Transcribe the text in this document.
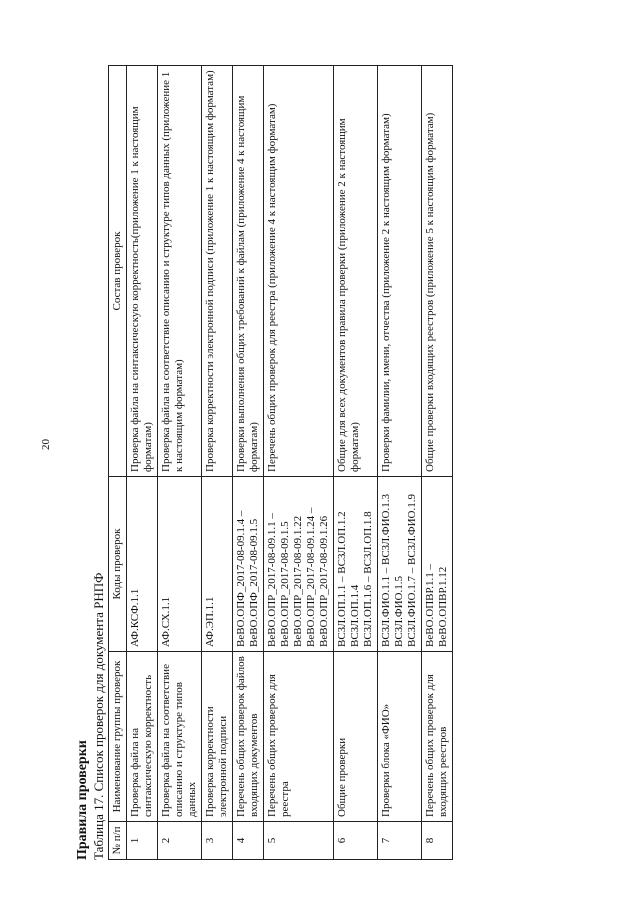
20
Правила проверки Таблица 17. Список проверок для документа РНПФ № п/п	Наименование группы проверок	Коды проверок	Состав проверок
1	Проверка файла на синтаксическую корректность	АФ.КСФ.1.1	Проверка файла на синтаксическую корректность(приложение 1 к настоящим форматам)
2	Проверка файла на соответствие описанию и структуре типов данных	АФ.СХ.1.1	Проверка файла на соответствие описанию и структуре типов данных (приложение 1 к настоящим форматам)
3	Проверка корректности электронной подписи	АФ.ЭП.1.1	Проверка корректности электронной подписи (приложение 1 к настоящим форматам)
4	Перечень общих проверок файлов входящих документов	ВеВО.ОПФ_2017-08-09.1.4 – ВеВО.ОПФ_2017-08-09.1.5	Проверки выполнения общих требований к файлам (приложение 4 к настоящим форматам)
5	Перечень общих проверок для реестра	ВеВО.ОПР_2017-08-09.1.1 – ВеВО.ОПР_2017-08-09.1.5 ВеВО.ОПР_2017-08-09.1.22 ВеВО.ОПР_2017-08-09.1.24 – ВеВО.ОПР_2017-08-09.1.26	Перечень общих проверок для реестра (приложение 4 к настоящим форматам)
6	Общие проверки	ВСЗЛ.ОП.1.1 – ВСЗЛ.ОП.1.2 ВСЗЛ.ОП.1.4 ВСЗЛ.ОП.1.6 – ВСЗЛ.ОП.1.8	Общие для всех документов правила проверки (приложение 2 к настоящим форматам)
7	Проверки блока «ФИО»	ВСЗЛ.ФИО.1.1 – ВСЗЛ.ФИО.1.3 ВСЗЛ.ФИО.1.5 ВСЗЛ.ФИО.1.7 – ВСЗЛ.ФИО.1.9	Проверки фамилии, имени, отчества (приложение 2 к настоящим форматам)
8	Перечень общих проверок для входящих реестров	ВеВО.ОПВР.1.1 – ВеВО.ОПВР.1.12	Общие проверки входящих реестров (приложение 5 к настоящим форматам)
